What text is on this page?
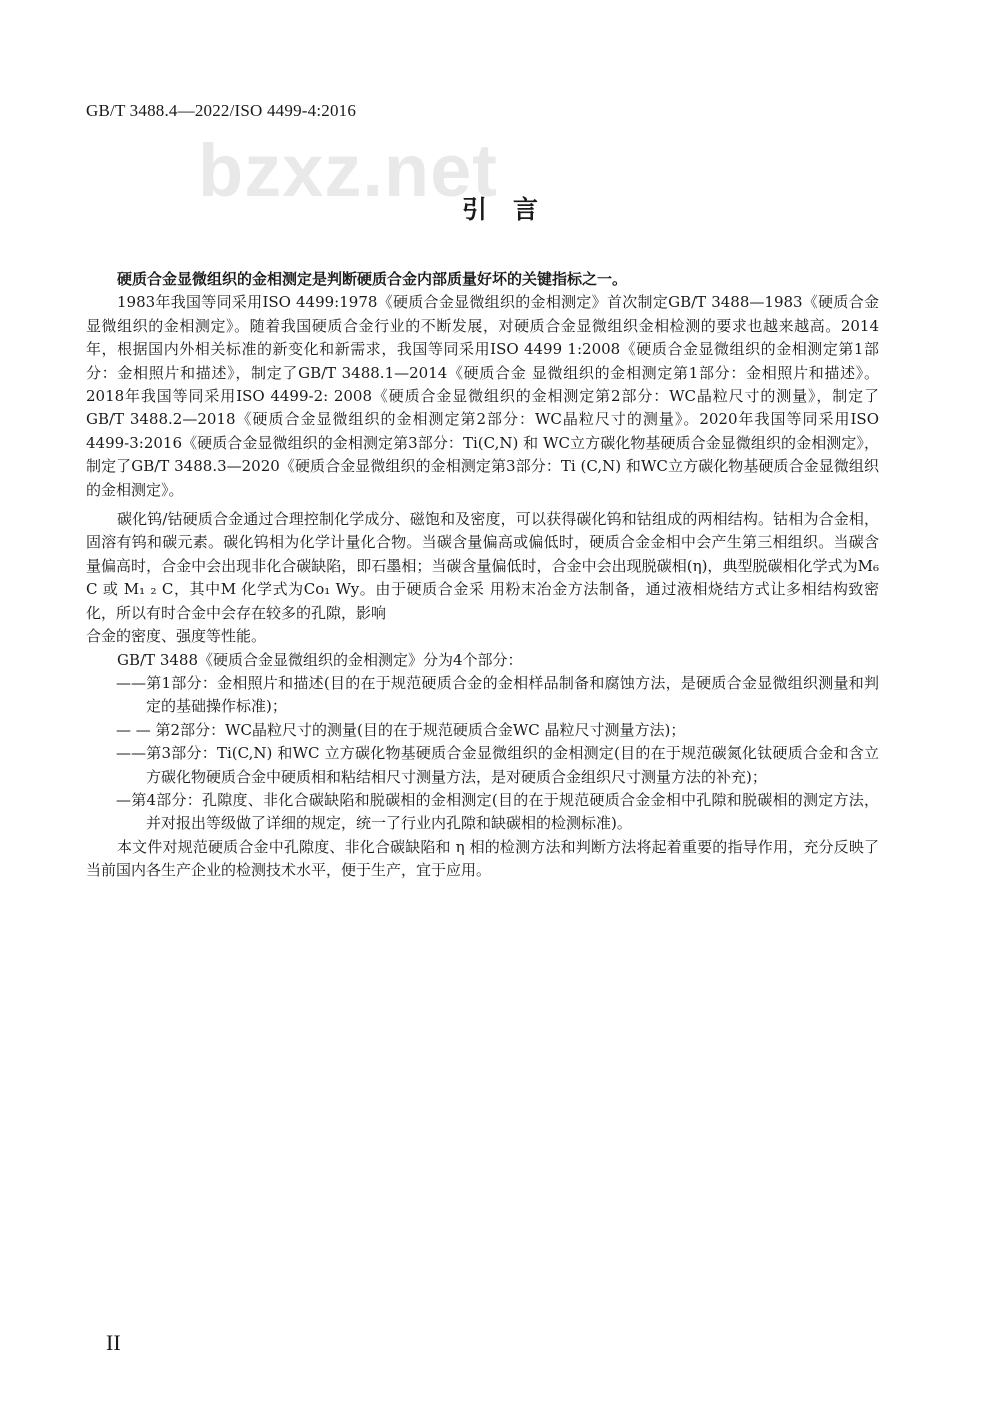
GB/T 3488.4—2022/ISO 4499-4:2016
bzxz.net
引言

硬质合金显微组织的金相测定是判断硬质合金内部质量好坏的关键指标之一。

1983年我国等同采用ISO 4499:1978《硬质合金显微组织的金相测定》首次制定GB/T 3488—1983《硬质合金显微组织的金相测定》。随着我国硬质合金行业的不断发展，对硬质合金显微组织金相检测的要求也越来越高。2014年，根据国内外相关标准的新变化和新需求，我国等同采用ISO 4499 1:2008《硬质合金显微组织的金相测定第1部分：金相照片和描述》，制定了GB/T 3488.1—2014《硬质合金 显微组织的金相测定第1部分：金相照片和描述》。2018年我国等同采用ISO 4499-2: 2008《硬质合金显微组织的金相测定第2部分：WC晶粒尺寸的测量》，制定了GB/T 3488.2—2018《硬质合金显微组织的金相测定第2部分：WC晶粒尺寸的测量》。2020年我国等同采用ISO 4499-3:2016《硬质合金显微组织的金相测定第3部分：Ti(C,N) 和 WC立方碳化物基硬质合金显微组织的金相测定》，制定了GB/T 3488.3—2020《硬质合金显微组织的金相测定第3部分：Ti (C,N) 和WC立方碳化物基硬质合金显微组织的金相测定》。

碳化钨/钴硬质合金通过合理控制化学成分、磁饱和及密度，可以获得碳化钨和钴组成的两相结构。钴相为合金相，固溶有钨和碳元素。碳化钨相为化学计量化合物。当碳含量偏高或偏低时，硬质合金金相中会产生第三相组织。当碳含量偏高时，合金中会出现非化合碳缺陷，即石墨相；当碳含量偏低时，合金中会出现脱碳相(η)，典型脱碳相化学式为M₆ C 或 M₁ ₂ C，其中M 化学式为Co₁ Wy。由于硬质合金采 用粉末冶金方法制备，通过液相烧结方式让多相结构致密化，所以有时合金中会存在较多的孔隙，影响

合金的密度、强度等性能。

GB/T 3488《硬质合金显微组织的金相测定》分为4个部分：

——第1部分：金相照片和描述(目的在于规范硬质合金的金相样品制备和腐蚀方法，是硬质合金显微组织测量和判定的基础操作标准)；

— — 第2部分：WC晶粒尺寸的测量(目的在于规范硬质合金WC 晶粒尺寸测量方法)；

——第3部分：Ti(C,N) 和WC 立方碳化物基硬质合金显微组织的金相测定(目的在于规范碳氮化钛硬质合金和含立方碳化物硬质合金中硬质相和粘结相尺寸测量方法，是对硬质合金组织尺寸测量方法的补充)；

—第4部分：孔隙度、非化合碳缺陷和脱碳相的金相测定(目的在于规范硬质合金金相中孔隙和脱碳相的测定方法，并对报出等级做了详细的规定，统一了行业内孔隙和缺碳相的检测标准)。

本文件对规范硬质合金中孔隙度、非化合碳缺陷和 η 相的检测方法和判断方法将起着重要的指导作用，充分反映了当前国内各生产企业的检测技术水平，便于生产，宜于应用。

II
